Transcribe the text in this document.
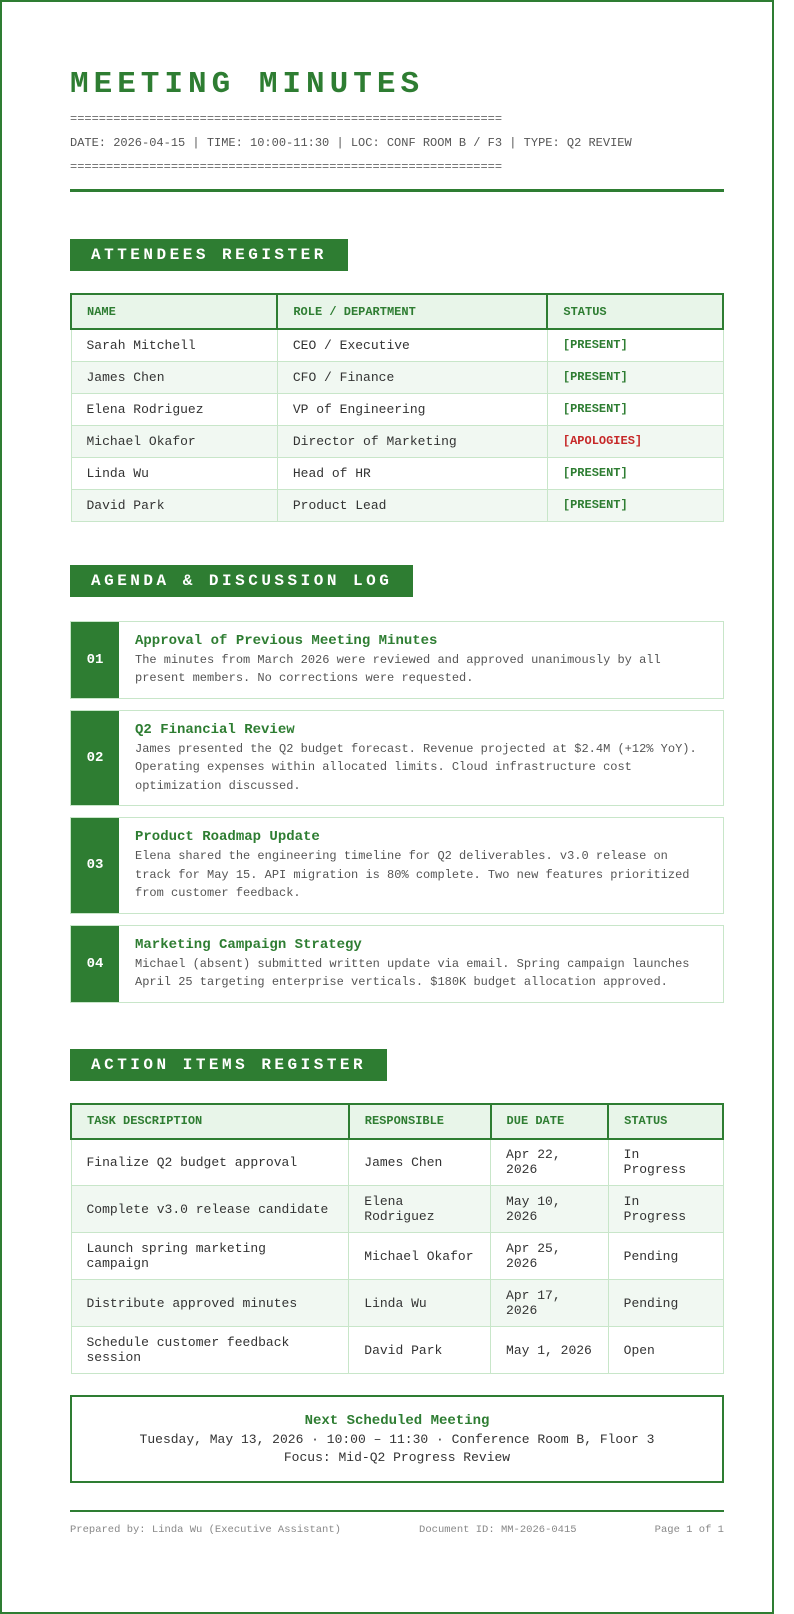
MEETING MINUTES
============================================================
DATE: 2026-04-15 | TIME: 10:00-11:30 | LOC: CONF ROOM B / F3 | TYPE: Q2 REVIEW
============================================================
ATTENDEES REGISTER
NAME	ROLE / DEPARTMENT	STATUS
Sarah Mitchell	CEO / Executive	[PRESENT]
James Chen	CFO / Finance	[PRESENT]
Elena Rodriguez	VP of Engineering	[PRESENT]
Michael Okafor	Director of Marketing	[APOLOGIES]
Linda Wu	Head of HR	[PRESENT]
David Park	Product Lead	[PRESENT]
AGENDA & DISCUSSION LOG
01
Approval of Previous Meeting Minutes
The minutes from March 2026 were reviewed and approved unanimously by all present members. No corrections were requested.
02
Q2 Financial Review
James presented the Q2 budget forecast. Revenue projected at $2.4M (+12% YoY). Operating expenses within allocated limits. Cloud infrastructure cost optimization discussed.
03
Product Roadmap Update
Elena shared the engineering timeline for Q2 deliverables. v3.0 release on track for May 15. API migration is 80% complete. Two new features prioritized from customer feedback.
04
Marketing Campaign Strategy
Michael (absent) submitted written update via email. Spring campaign launches April 25 targeting enterprise verticals. $180K budget allocation approved.
ACTION ITEMS REGISTER
TASK DESCRIPTION	RESPONSIBLE	DUE DATE	STATUS
Finalize Q2 budget approval	James Chen	Apr 22, 2026	In Progress
Complete v3.0 release candidate	Elena Rodriguez	May 10, 2026	In Progress
Launch spring marketing campaign	Michael Okafor	Apr 25, 2026	Pending
Distribute approved minutes	Linda Wu	Apr 17, 2026	Pending
Schedule customer feedback session	David Park	May 1, 2026	Open
Next Scheduled Meeting
Tuesday, May 13, 2026 · 10:00 – 11:30 · Conference Room B, Floor 3
Focus: Mid-Q2 Progress Review
Prepared by: Linda Wu (Executive Assistant)	Document ID: MM-2026-0415	Page 1 of 1
